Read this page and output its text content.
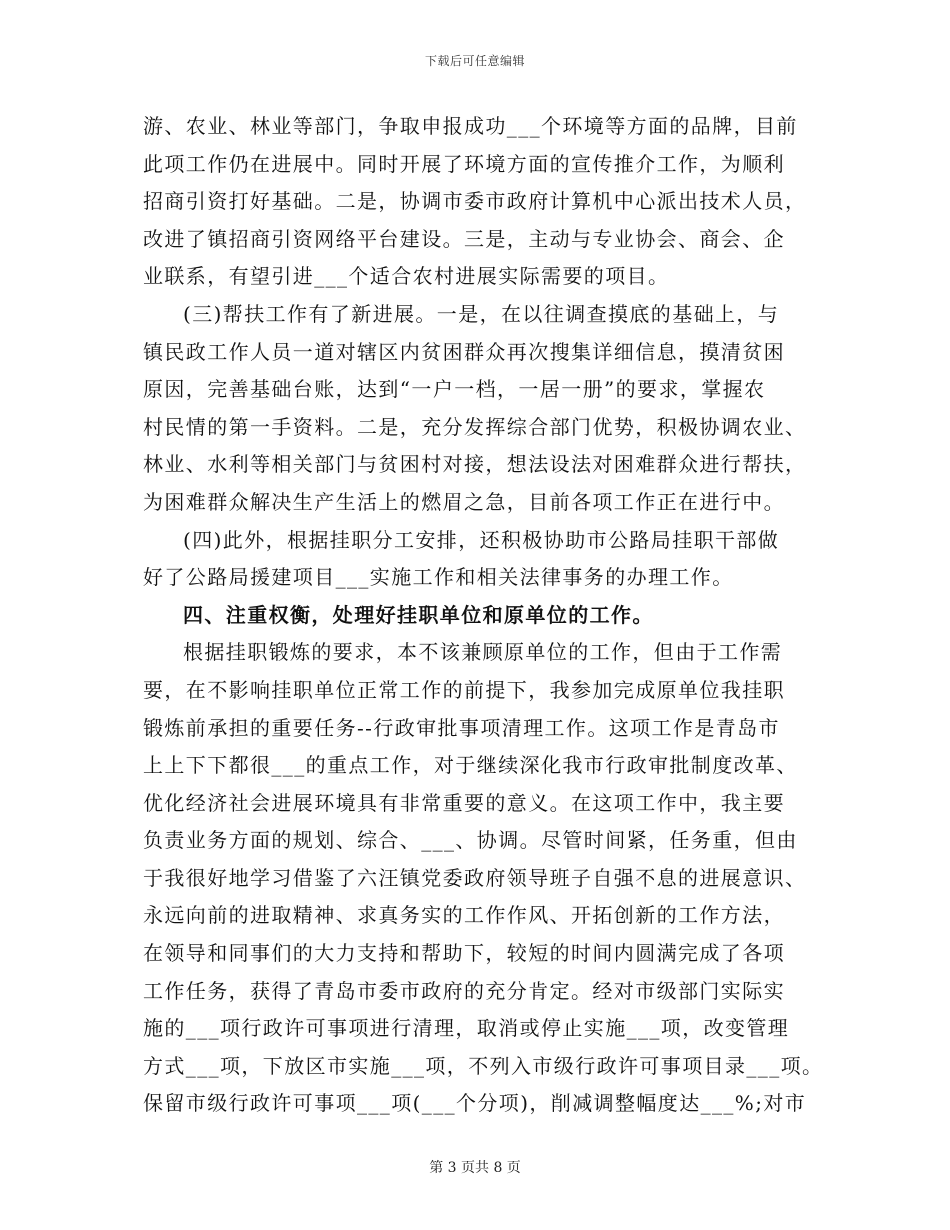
下载后可任意编辑
游、农业、林业等部门，争取申报成功___个环境等方面的品牌，目前
此项工作仍在进展中。同时开展了环境方面的宣传推介工作，为顺利
招商引资打好基础。二是，协调市委市政府计算机中心派出技术人员，
改进了镇招商引资网络平台建设。三是，主动与专业协会、商会、企
业联系，有望引进___个适合农村进展实际需要的项目。
(三)帮扶工作有了新进展。一是，在以往调查摸底的基础上，与
镇民政工作人员一道对辖区内贫困群众再次搜集详细信息，摸清贫困
原因，完善基础台账，达到“一户一档，一居一册”的要求，掌握农
村民情的第一手资料。二是，充分发挥综合部门优势，积极协调农业、
林业、水利等相关部门与贫困村对接，想法设法对困难群众进行帮扶，
为困难群众解决生产生活上的燃眉之急，目前各项工作正在进行中。
(四)此外，根据挂职分工安排，还积极协助市公路局挂职干部做
好了公路局援建项目___实施工作和相关法律事务的办理工作。
四、注重权衡，处理好挂职单位和原单位的工作。
根据挂职锻炼的要求，本不该兼顾原单位的工作，但由于工作需
要，在不影响挂职单位正常工作的前提下，我参加完成原单位我挂职
锻炼前承担的重要任务--行政审批事项清理工作。这项工作是青岛市
上上下下都很___的重点工作，对于继续深化我市行政审批制度改革、
优化经济社会进展环境具有非常重要的意义。在这项工作中，我主要
负责业务方面的规划、综合、___、协调。尽管时间紧，任务重，但由
于我很好地学习借鉴了六汪镇党委政府领导班子自强不息的进展意识、
永远向前的进取精神、求真务实的工作作风、开拓创新的工作方法，
在领导和同事们的大力支持和帮助下，较短的时间内圆满完成了各项
工作任务，获得了青岛市委市政府的充分肯定。经对市级部门实际实
施的___项行政许可事项进行清理，取消或停止实施___项，改变管理
方式___项，下放区市实施___项，不列入市级行政许可事项目录___项。
保留市级行政许可事项___项(___个分项)，削减调整幅度达___%;对市
第 3 页共 8 页
